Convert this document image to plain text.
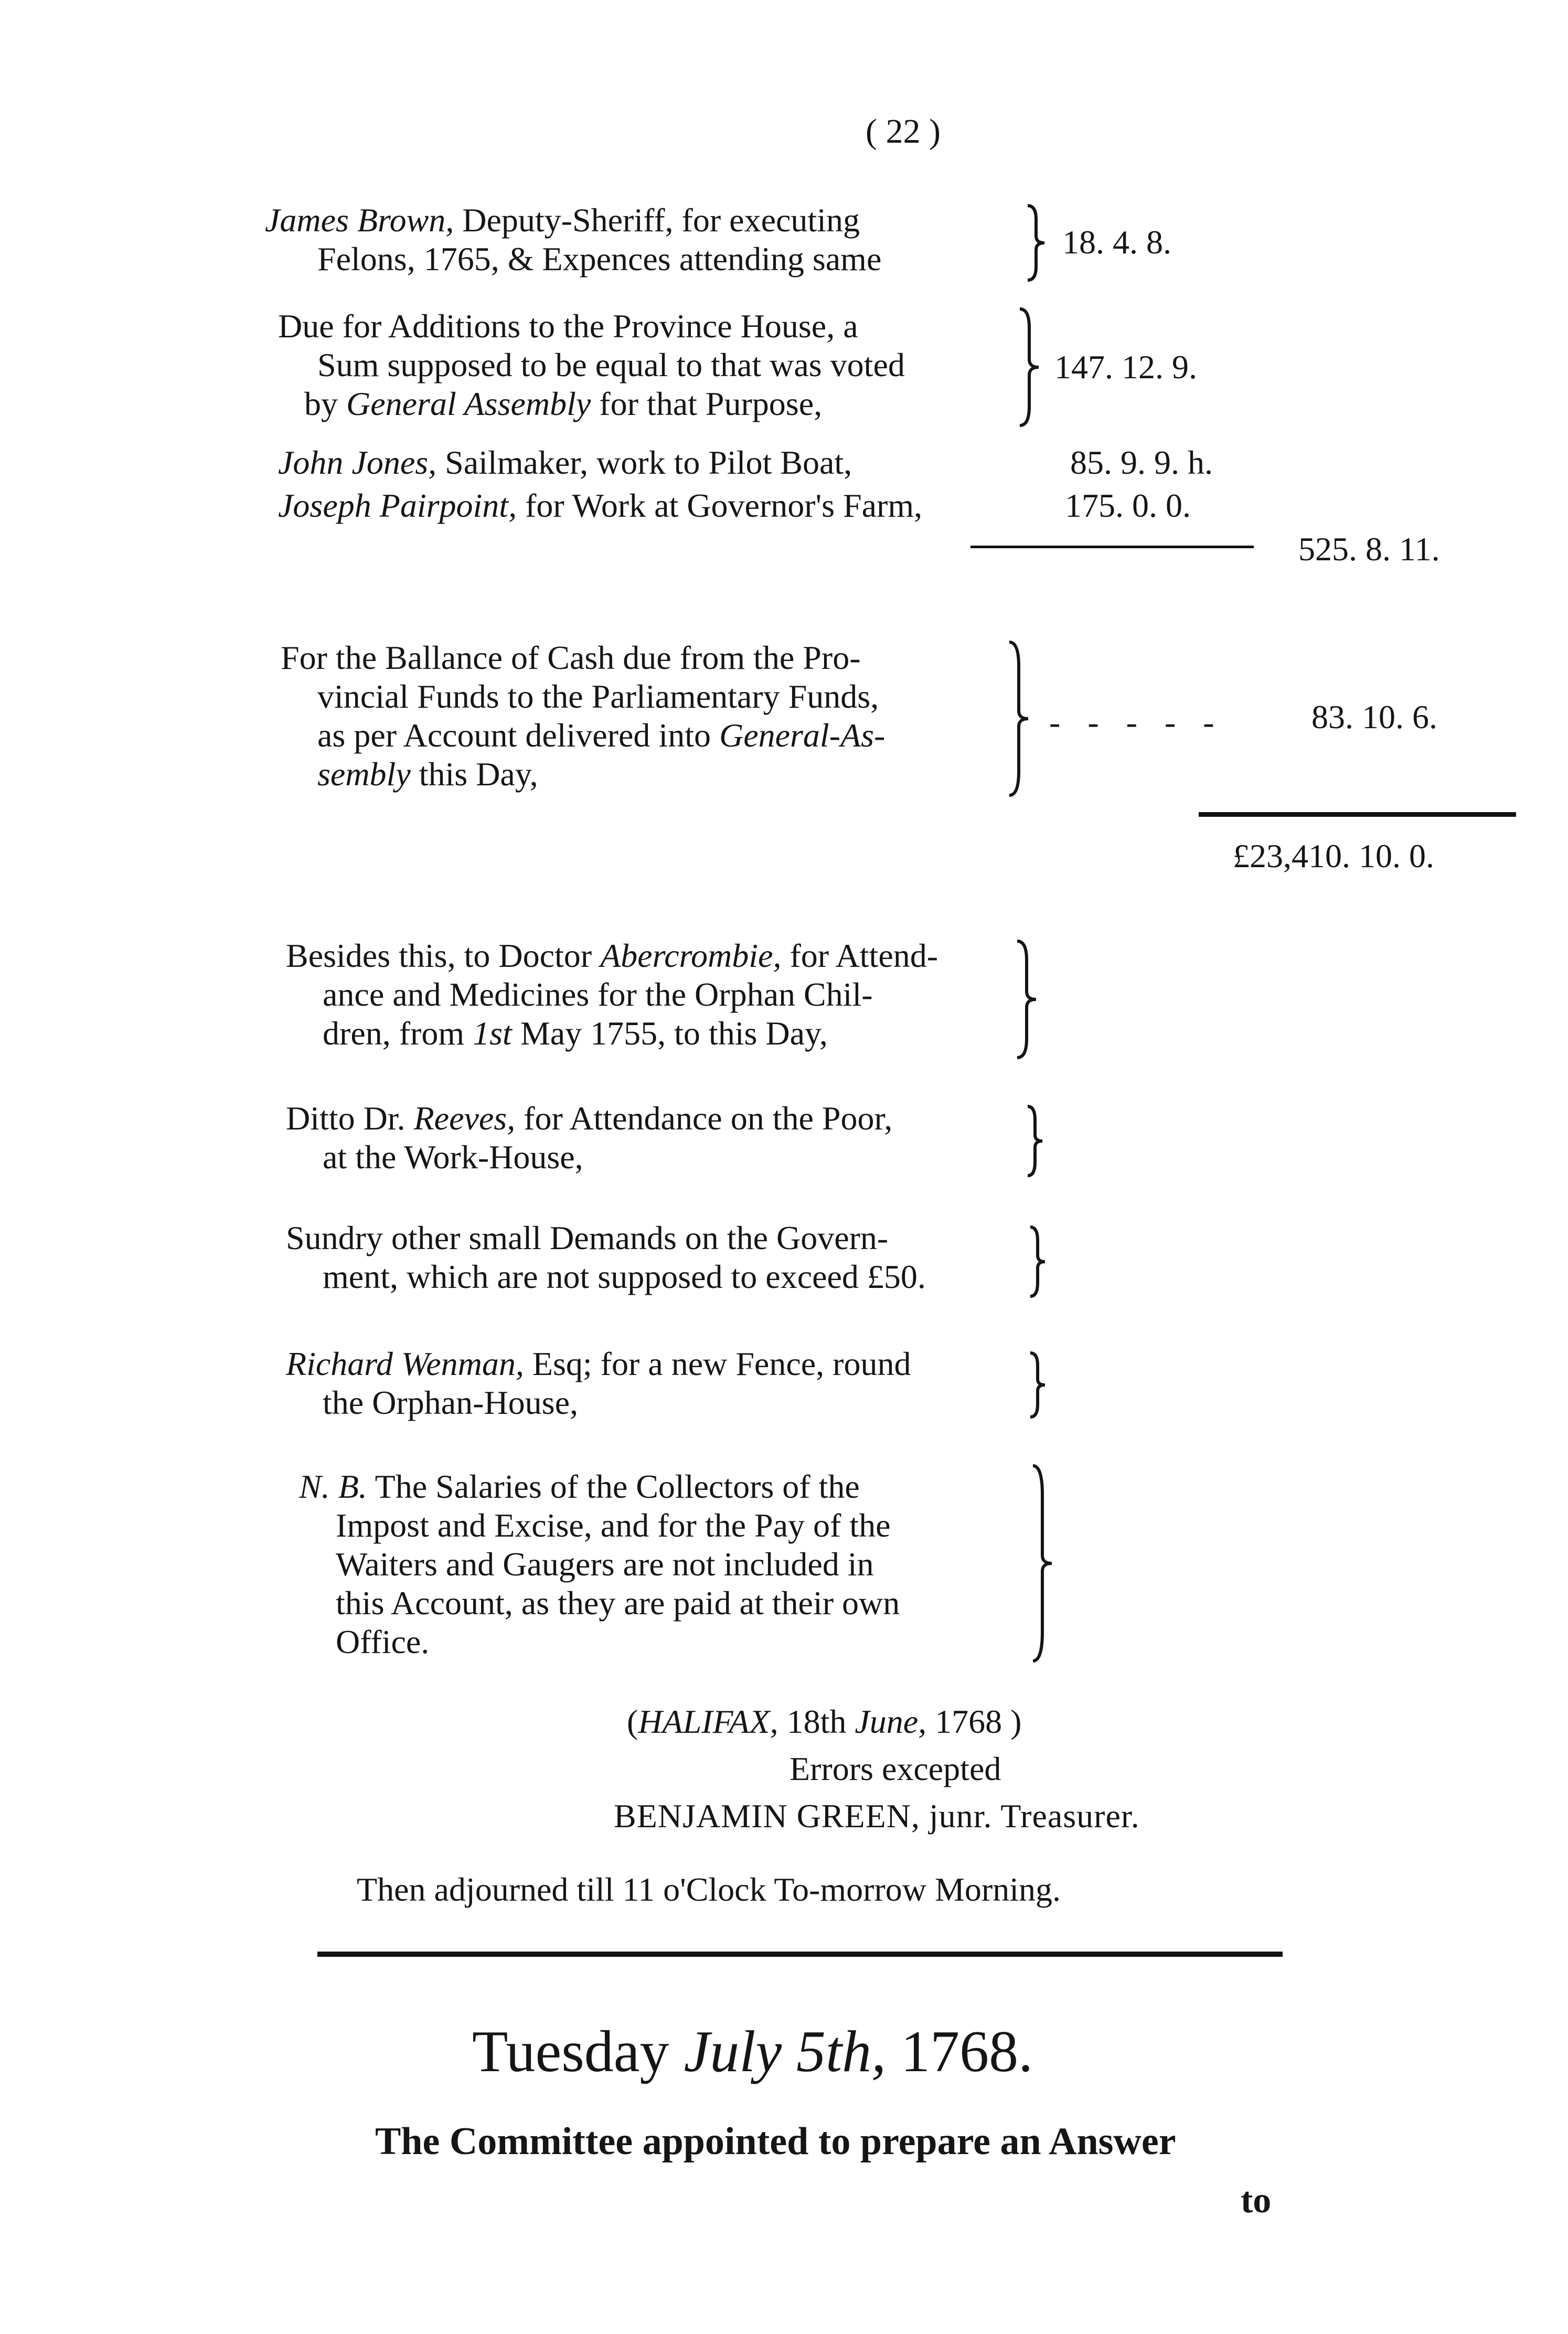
( 22 )
James Brown, Deputy-Sheriff, for executing
Felons, 1765, & Expences attending same	18. 4. 8.
Due for Additions to the Province House, a
Sum supposed to be equal to that was voted
by General Assembly for that Purpose,
147. 12. 9.
John Jones, Sailmaker, work to Pilot Boat,	85. 9. 9. h.
Joseph Pairpoint, for Work at Governor's Farm,	175. 0. 0.
525. 8. 11.
For the Ballance of Cash due from the Pro-
vincial Funds to the Parliamentary Funds,
as per Account delivered into General-As-
sembly this Day,
- - - - -	83. 10. 6.
£23,410. 10. 0.
Besides this, to Doctor Abercrombie, for Attend-
ance and Medicines for the Orphan Chil-
dren, from 1st May 1755, to this Day,
Ditto Dr. Reeves, for Attendance on the Poor,
at the Work-House,
Sundry other small Demands on the Govern-
ment, which are not supposed to exceed £50.
Richard Wenman, Esq; for a new Fence, round
the Orphan-House,
N. B. The Salaries of the Collectors of the
Impost and Excise, and for the Pay of the
Waiters and Gaugers are not included in
this Account, as they are paid at their own
Office.
(HALIFAX, 18th June, 1768 )
Errors excepted
BENJAMIN GREEN, junr. Treasurer.
Then adjourned till 11 o'Clock To-morrow Morning.
Tuesday July 5th, 1768.
The Committee appointed to prepare an Answer
to
